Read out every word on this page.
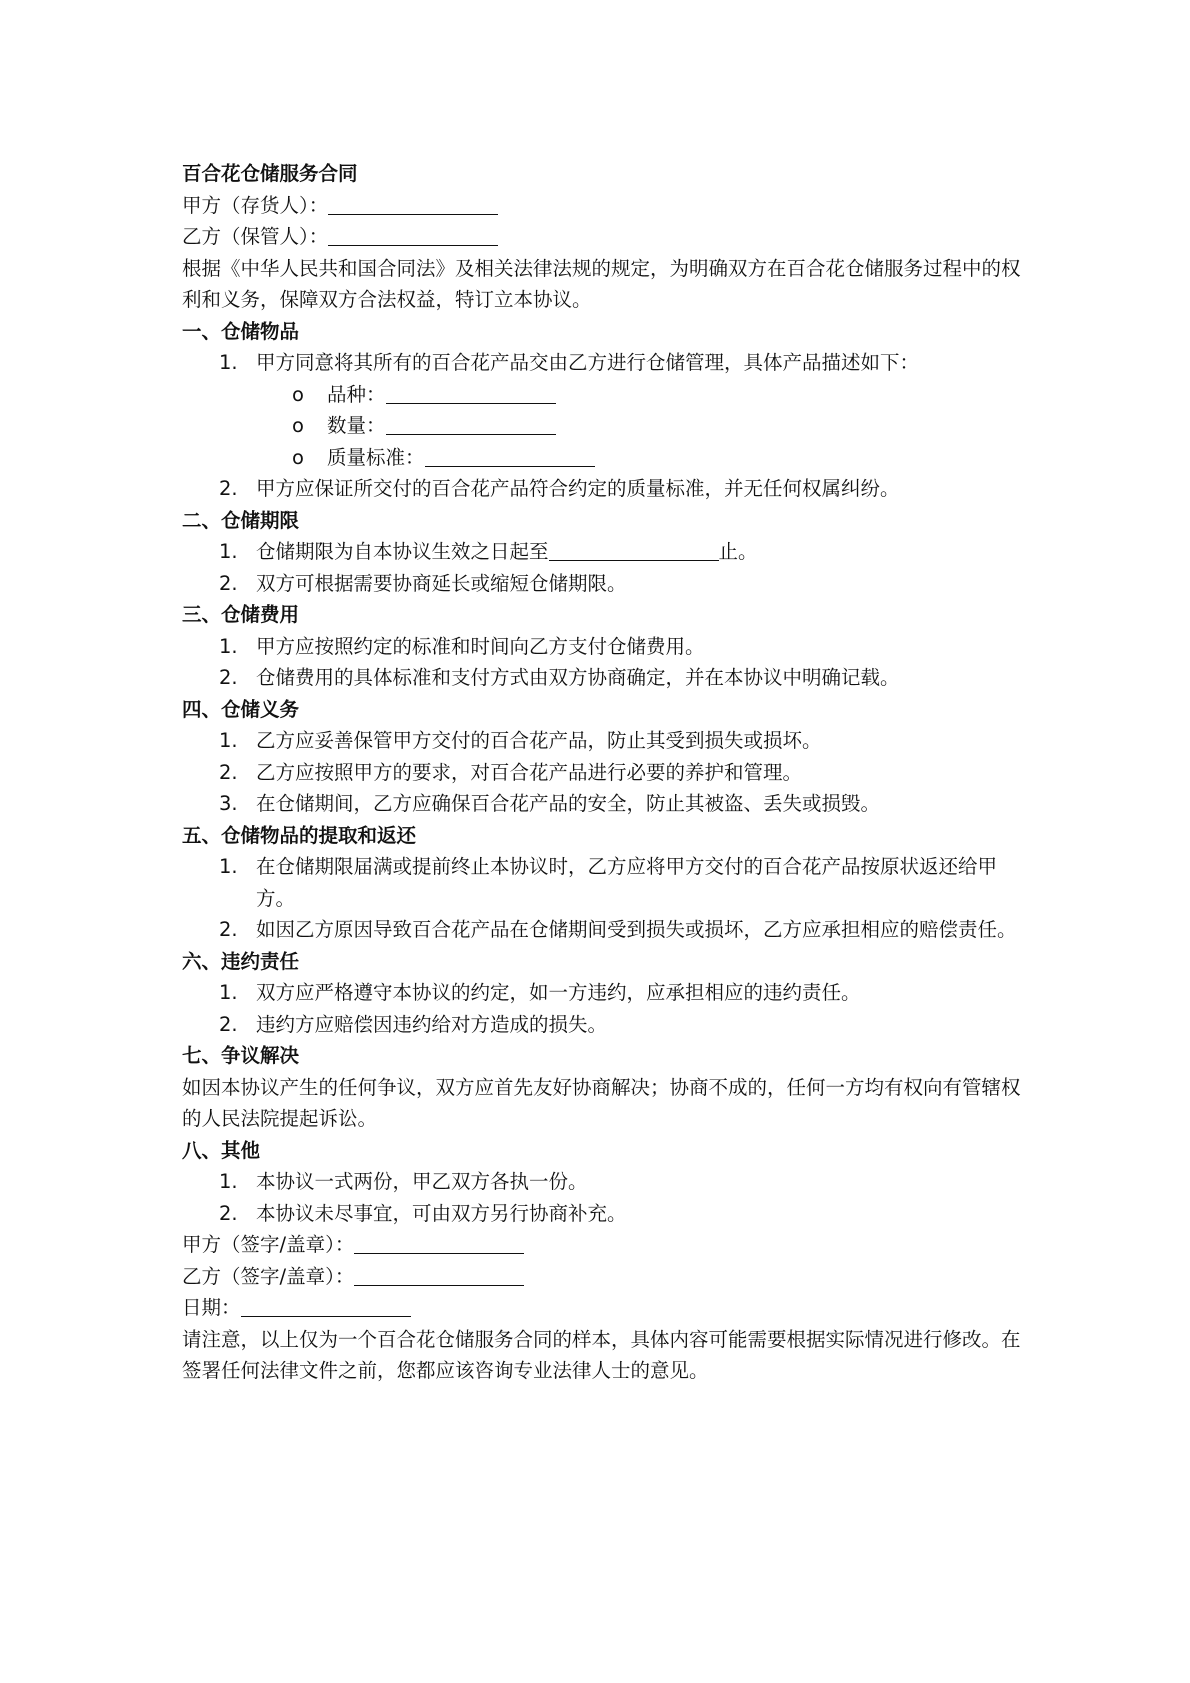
百合花仓储服务合同
甲方（存货人）：
乙方（保管人）：
根据《中华人民共和国合同法》及相关法律法规的规定，为明确双方在百合花仓储服务过程中的权利和义务，保障双方合法权益，特订立本协议。
一、仓储物品
1. 甲方同意将其所有的百合花产品交由乙方进行仓储管理，具体产品描述如下：
o 品种：
o 数量：
o 质量标准：
2. 甲方应保证所交付的百合花产品符合约定的质量标准，并无任何权属纠纷。
二、仓储期限
1. 仓储期限为自本协议生效之日起至	止。
2. 双方可根据需要协商延长或缩短仓储期限。
三、仓储费用
1. 甲方应按照约定的标准和时间向乙方支付仓储费用。
2. 仓储费用的具体标准和支付方式由双方协商确定，并在本协议中明确记载。
四、仓储义务
1. 乙方应妥善保管甲方交付的百合花产品，防止其受到损失或损坏。
2. 乙方应按照甲方的要求，对百合花产品进行必要的养护和管理。
3. 在仓储期间，乙方应确保百合花产品的安全，防止其被盗、丢失或损毁。
五、仓储物品的提取和返还
1. 在仓储期限届满或提前终止本协议时，乙方应将甲方交付的百合花产品按原状返还给甲方。
2. 如因乙方原因导致百合花产品在仓储期间受到损失或损坏，乙方应承担相应的赔偿责任。
六、违约责任
1. 双方应严格遵守本协议的约定，如一方违约，应承担相应的违约责任。
2. 违约方应赔偿因违约给对方造成的损失。
七、争议解决
如因本协议产生的任何争议，双方应首先友好协商解决；协商不成的，任何一方均有权向有管辖权的人民法院提起诉讼。
八、其他
1. 本协议一式两份，甲乙双方各执一份。
2. 本协议未尽事宜，可由双方另行协商补充。
甲方（签字/盖章）：
乙方（签字/盖章）：
日期：
请注意，以上仅为一个百合花仓储服务合同的样本，具体内容可能需要根据实际情况进行修改。在签署任何法律文件之前，您都应该咨询专业法律人士的意见。
